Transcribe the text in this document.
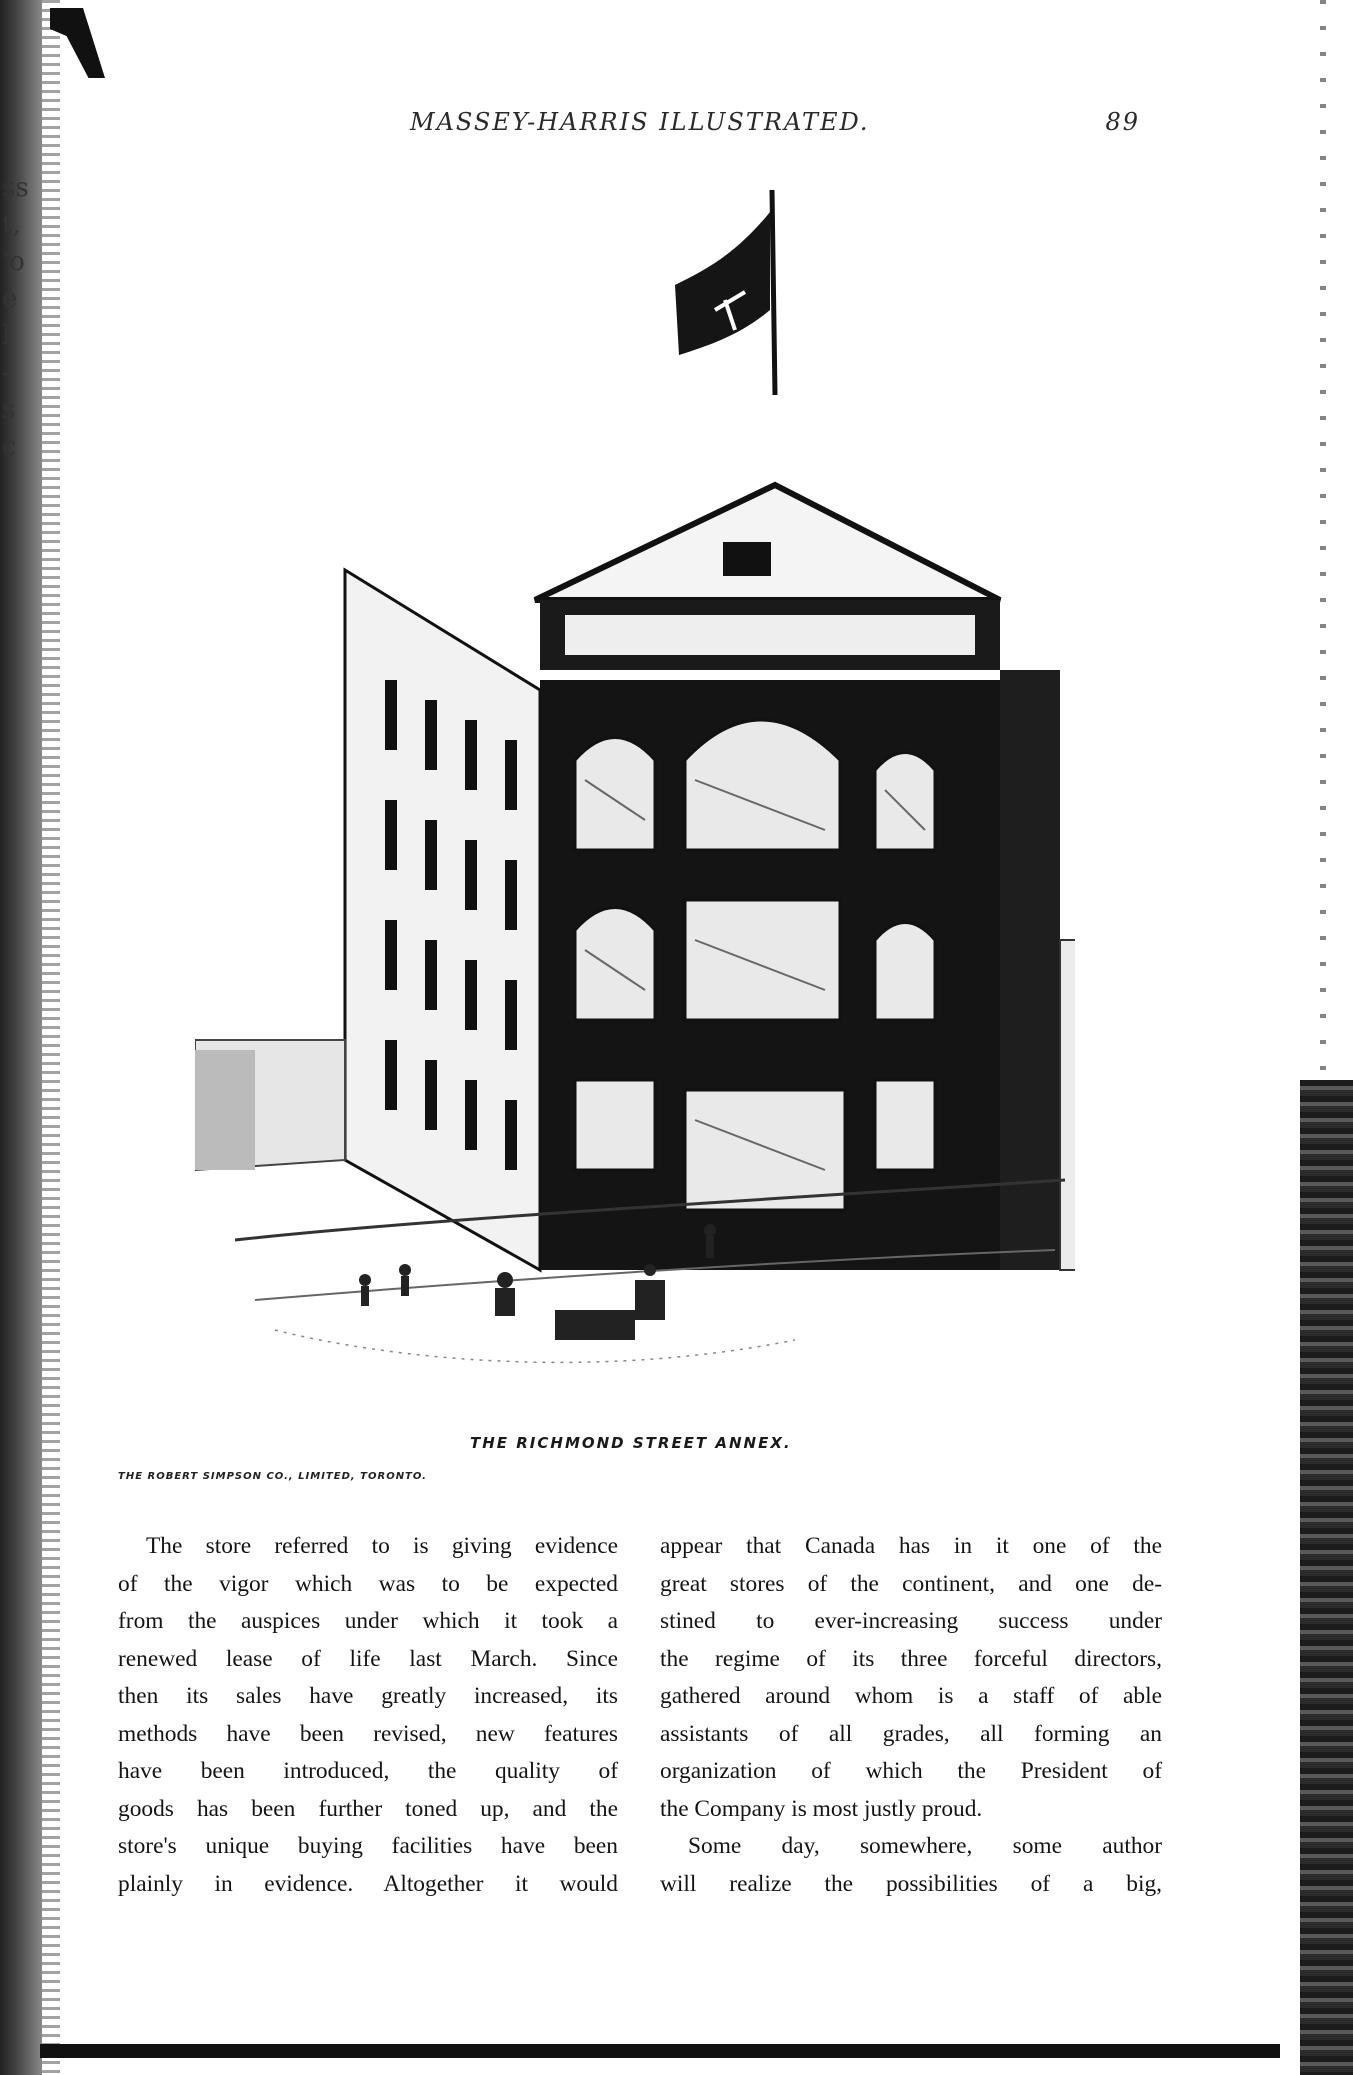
ss
t,
'o
e
l
-
s
c
MASSEY-HARRIS ILLUSTRATED.	89
THE RICHMOND STREET ANNEX.
THE ROBERT SIMPSON CO., LIMITED, TORONTO.
The store referred to is giving evidence
of the vigor which was to be expected
from the auspices under which it took a
renewed lease of life last March. Since
then its sales have greatly increased, its
methods have been revised, new features
have been introduced, the quality of
goods has been further toned up, and the
store's unique buying facilities have been
plainly in evidence. Altogether it would
appear that Canada has in it one of the
great stores of the continent, and one de-
stined to ever-increasing success under
the regime of its three forceful directors,
gathered around whom is a staff of able
assistants of all grades, all forming an
organization of which the President of
the Company is most justly proud.
Some day, somewhere, some author
will realize the possibilities of a big,
